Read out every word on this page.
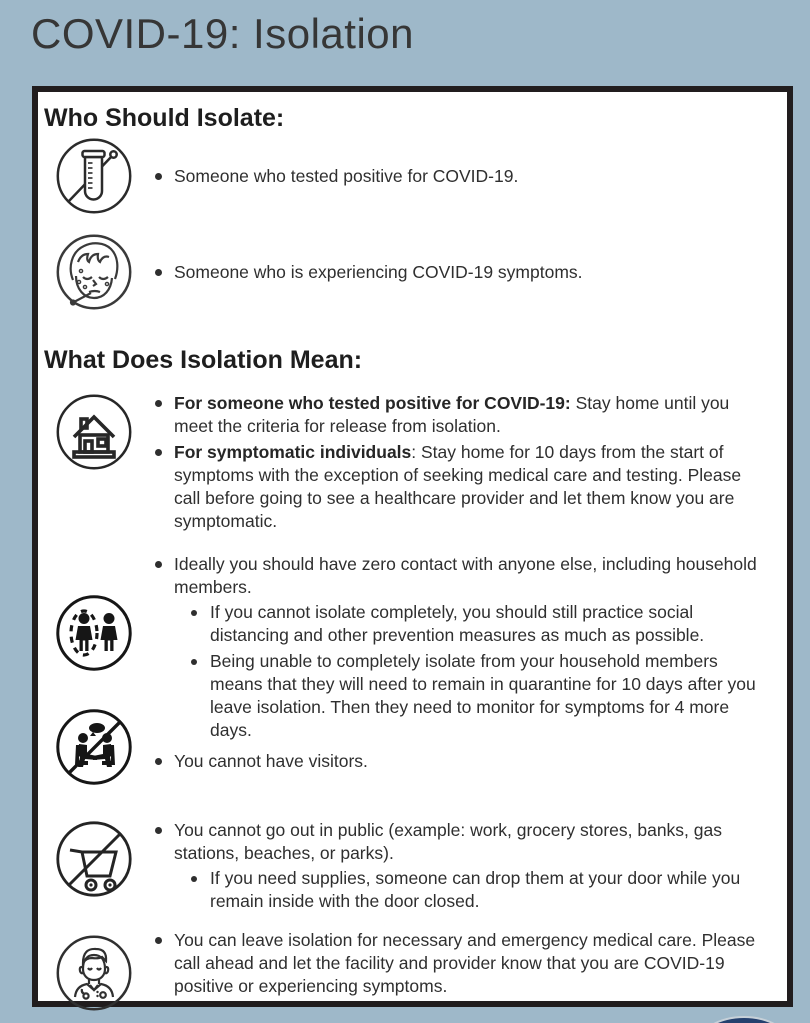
COVID-19: Isolation
Who Should Isolate:
Someone who tested positive for COVID-19.
Someone who is experiencing COVID-19 symptoms.
What Does Isolation Mean:
For someone who tested positive for COVID-19: Stay home until you meet the criteria for release from isolation.
For symptomatic individuals: Stay home for 10 days from the start of symptoms with the exception of seeking medical care and testing. Please call before going to see a healthcare provider and let them know you are symptomatic.
Ideally you should have zero contact with anyone else, including household members.
If you cannot isolate completely, you should still practice social distancing and other prevention measures as much as possible.
Being unable to completely isolate from your household members means that they will need to remain in quarantine for 10 days after you leave isolation. Then they need to monitor for symptoms for 4 more days.
You cannot have visitors.
You cannot go out in public (example: work, grocery stores, banks, gas stations, beaches, or parks).
If you need supplies, someone can drop them at your door while you remain inside with the door closed.
You can leave isolation for necessary and emergency medical care. Please call ahead and let the facility and provider know that you are COVID-19 positive or experiencing symptoms.
